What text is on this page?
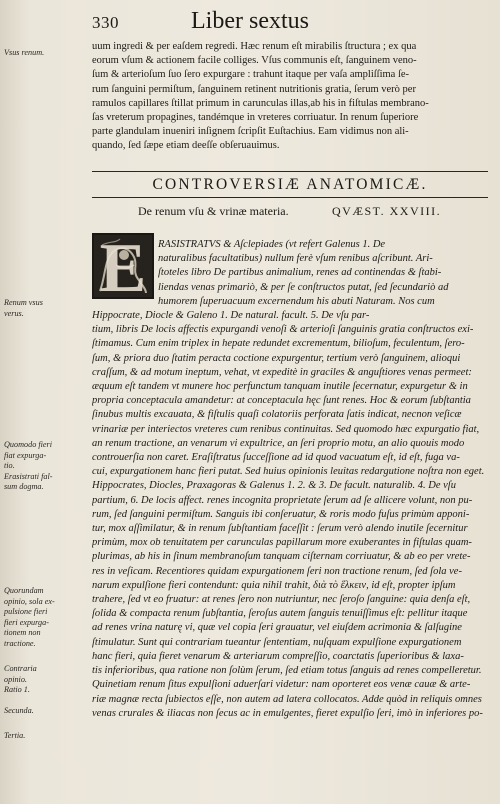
330	Liber sextus
Vsus renum.
Renum vsus
verus.
Quomodo fieri
fiat expurga-
tio.
Erasistrati fal-
sum dogma.
Quorundam
opinio, sola ex-
pulsione fieri
fieri expurga-
tionem non
tractione.
Contraria
opinio.
Ratio 1.
Secunda.
Tertia.
uum ingredi & per eaſdem regredi. Hæc renum eſt mirabilis ſtructura ; ex qua
eorum vſum & actionem facile colliges. Vſus communis eſt, ſanguinem veno-
ſum & arterioſum ſuo ſero expurgare : trahunt itaque per vaſa ampliſſima ſe-
rum ſanguini permiſtum, ſanguinem retinent nutritionis gratia, ſerum verò per
ramulos capillares ſtillat primum in carunculas illas,ab his in fiſtulas membrano-
ſas vreterum propagines, tandémque in vreteres corriuatur. In renum ſuperiore
parte glandulam inueniri inſignem ſcripſit Euſtachius. Eam vidimus non ali-
quando, ſed ſæpe etiam deeſſe obſeruauimus.
CONTROVERSIÆ ANATOMICÆ.
De renum vſu & vrinæ materia.	QVÆST. XXVIII.
E	RASISTRATVS & Aſclepiades (vt refert Galenus 1. De
naturalibus facultatibus) nullum ferè vſum renibus aſcribunt. Ari-
ſtoteles libro De partibus animalium, renes ad continendas & ſtabi-
liendas venas primariò, & per ſe conſtructos putat, ſed ſecundariò ad
humorem ſuperuacuum excernendum his abuti Naturam. Nos cum
Hippocrate, Diocle & Galeno 1. De natural. facult. 5. De vſu par-
tium, libris De locis affectis expurgandi venoſi & arterioſi ſanguinis gratia conſtructos exi-
ſtimamus. Cum enim triplex in hepate redundet excrementum, bilioſum, feculentum, ſero-
ſum, & priora duo ſtatim peracta coctione expurgentur, tertium verò ſanguinem, alioqui
craſſum, & ad motum ineptum, vehat, vt expeditè in graciles & anguſtiores venas permeet:
æquum eſt tandem vt munere hoc perfunctum tanquam inutile ſecernatur, expurgetur & in
propria conceptacula amandetur: at conceptacula hęc ſunt renes. Hoc & eorum ſubſtantia
ſinubus multis excauata, & fiſtulis quaſi colatoriis perforata ſatis indicat, necnon veſicæ
vrinariæ per interiectos vreteres cum renibus continuitas. Sed quomodo hæc expurgatio fiat,
an renum tractione, an venarum vi expultrice, an ſeri proprio motu, an alio quouis modo
controuerſia non caret. Eraſiſtratus ſucceſſione ad id quod vacuatum eſt, id eſt, fuga va-
cui, expurgationem hanc fieri putat. Sed huius opinionis leuitas redargutione noſtra non eget.
Hippocrates, Diocles, Praxagoras & Galenus 1. 2. & 3. De facult. naturalib. 4. De vſu
partium, 6. De locis affect. renes incognita proprietate ſerum ad ſe allicere volunt, non pu-
rum, ſed ſanguini permiſtum. Sanguis ibi conſeruatur, & roris modo fuſus primùm apponi-
tur, mox aſſimilatur, & in renum ſubſtantiam faceſſit : ſerum verò alendo inutile ſecernitur
primùm, mox ob tenuitatem per carunculas papillarum more exuberantes in fiſtulas quam-
plurimas, ab his in ſinum membranoſum tanquam ciſternam corriuatur, & ab eo per vrete-
res in veſicam. Recentiores quidam expurgationem ſeri non tractione renum, ſed ſola ve-
narum expulſione fieri contendunt: quia nihil trahit, διὰ τὸ ἕλκειν, id eſt, propter ipſum
trahere, ſed vt eo fruatur: at renes ſero non nutriuntur, nec ſeroſo ſanguine: quia denſa eſt,
ſolida & compacta renum ſubſtantia, ſeroſus autem ſanguis tenuiſſimus eſt: pellitur itaque
ad renes vrina naturę vi, quæ vel copia ſeri grauatur, vel eiuſdem acrimonia & ſalſugine
ſtimulatur. Sunt qui contrariam tueantur ſententiam, nuſquam expulſione expurgationem
hanc fieri, quia fieret venarum & arteriarum compreſſio, coarctatis ſuperioribus & laxa-
tis inferioribus, qua ratione non ſolùm ſerum, ſed etiam totus ſanguis ad renes compelleretur.
Quinetiam renum ſitus expulſioni aduerſari videtur: nam oporteret eos venæ cauæ & arte-
riæ magnæ recta ſubiectos eſſe, non autem ad latera collocatos. Adde quòd in reliquis omnes
venas crurales & iliacas non ſecus ac in emulgentes, fieret expulſio ſeri, imò in inferiores po-
